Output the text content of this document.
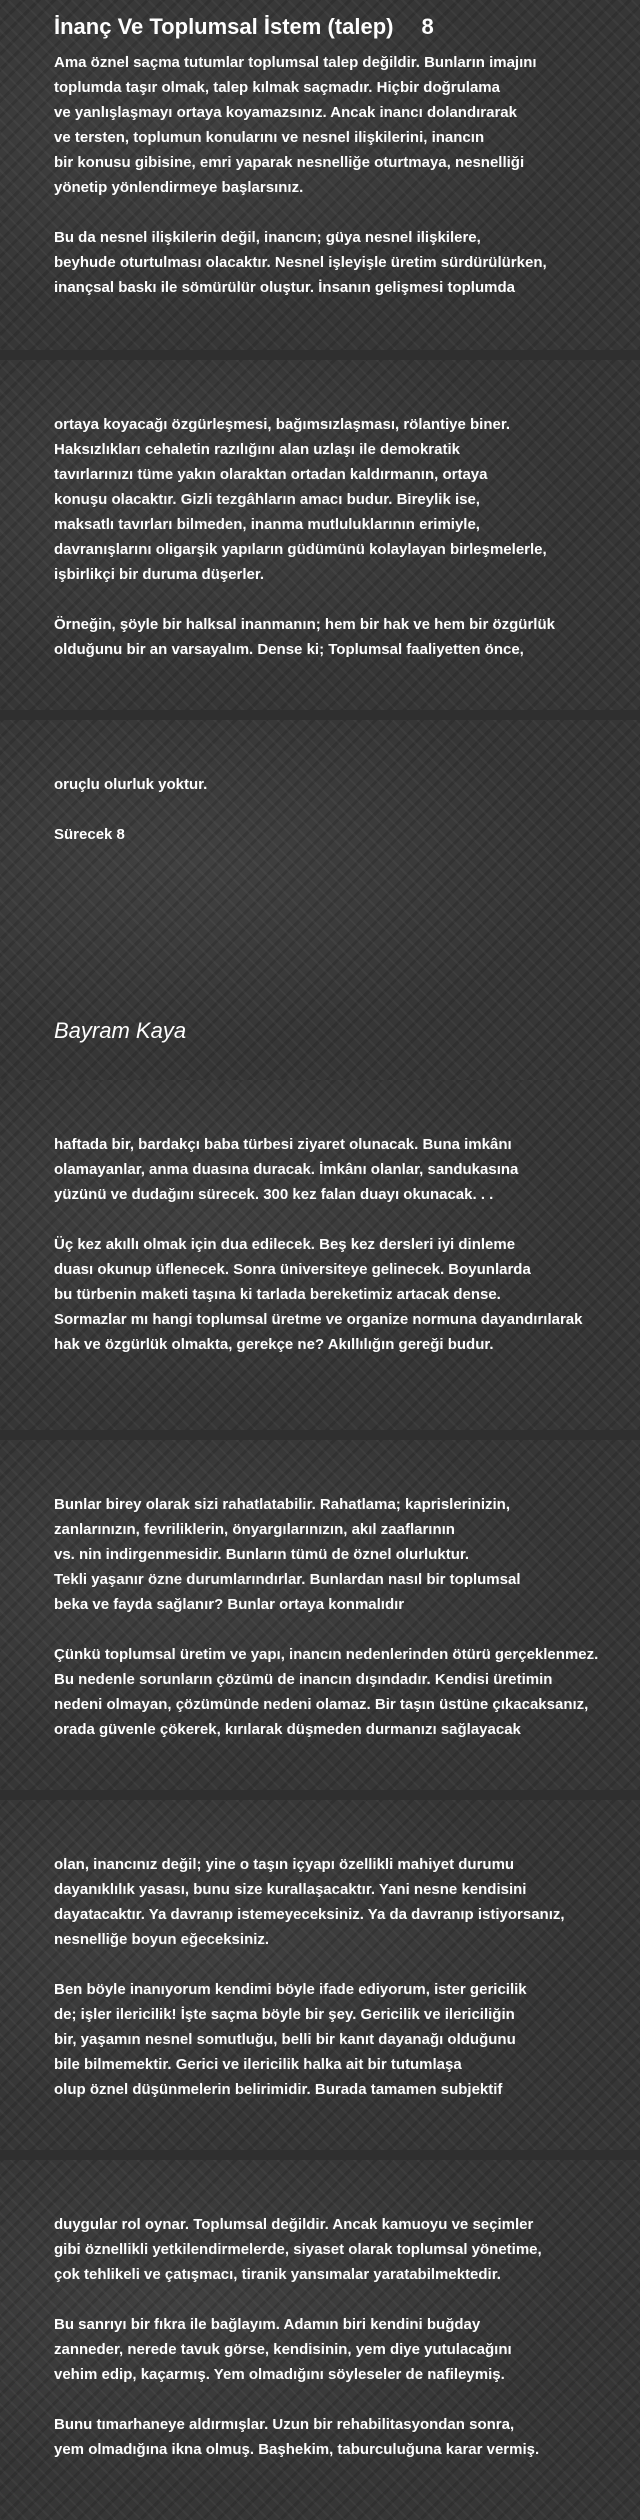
İnanç Ve Toplumsal İstem (talep) 8
Ama öznel saçma tutumlar toplumsal talep değildir. Bunların imajını
toplumda taşır olmak, talep kılmak saçmadır. Hiçbir doğrulama
ve yanlışlaşmayı ortaya koyamazsınız. Ancak inancı dolandırarak
ve tersten, toplumun konularını ve nesnel ilişkilerini, inancın
bir konusu gibisine, emri yaparak nesnelliğe oturtmaya, nesnelliği
yönetip yönlendirmeye başlarsınız.

Bu da nesnel ilişkilerin değil, inancın; güya nesnel ilişkilere,
beyhude oturtulması olacaktır. Nesnel işleyişle üretim sürdürülürken,
inançsal baskı ile sömürülür oluştur. İnsanın gelişmesi toplumda
ortaya koyacağı özgürleşmesi, bağımsızlaşması, rölantiye biner.
Haksızlıkları cehaletin razılığını alan uzlaşı ile demokratik
tavırlarınızı tüme yakın olaraktan ortadan kaldırmanın, ortaya
konuşu olacaktır. Gizli tezgâhların amacı budur. Bireylik ise,
maksatlı tavırları bilmeden, inanma mutluluklarının erimiyle,
davranışlarını oligarşik yapıların güdümünü kolaylayan birleşmelerle,
işbirlikçi bir duruma düşerler.

Örneğin, şöyle bir halksal inanmanın; hem bir hak ve hem bir özgürlük
olduğunu bir an varsayalım. Dense ki; Toplumsal faaliyetten önce,
oruçlu olurluk yoktur.

Sürecek 8
Bayram Kaya
haftada bir, bardakçı baba türbesi ziyaret olunacak. Buna imkânı
olamayanlar, anma duasına duracak. İmkânı olanlar, sandukasına
yüzünü ve dudağını sürecek. 300 kez falan duayı okunacak. . .

Üç kez akıllı olmak için dua edilecek. Beş kez dersleri iyi dinleme
duası okunup üflenecek. Sonra üniversiteye gelinecek. Boyunlarda
bu türbenin maketi taşına ki tarlada bereketimiz artacak dense.
Sormazlar mı hangi toplumsal üretme ve organize normuna dayandırılarak
hak ve özgürlük olmakta, gerekçe ne? Akıllılığın gereği budur.
Bunlar birey olarak sizi rahatlatabilir. Rahatlama; kaprislerinizin,
zanlarınızın, fevriliklerin, önyargılarınızın, akıl zaaflarının
vs. nin indirgenmesidir. Bunların tümü de öznel olurluktur.
Tekli yaşanır özne durumlarındırlar. Bunlardan nasıl bir toplumsal
beka ve fayda sağlanır? Bunlar ortaya konmalıdır

Çünkü toplumsal üretim ve yapı, inancın nedenlerinden ötürü gerçeklenmez.
Bu nedenle sorunların çözümü de inancın dışındadır. Kendisi üretimin
nedeni olmayan, çözümünde nedeni olamaz. Bir taşın üstüne çıkacaksanız,
orada güvenle çökerek, kırılarak düşmeden durmanızı sağlayacak
olan, inancınız değil; yine o taşın içyapı özellikli mahiyet durumu
dayanıklılık yasası, bunu size kurallaşacaktır. Yani nesne kendisini
dayatacaktır. Ya davranıp istemeyeceksiniz. Ya da davranıp istiyorsanız,
nesnelliğe boyun eğeceksiniz.

Ben böyle inanıyorum kendimi böyle ifade ediyorum, ister gericilik
de; işler ilericilik! İşte saçma böyle bir şey. Gericilik ve ilericiliğin
bir, yaşamın nesnel somutluğu, belli bir kanıt dayanağı olduğunu
bile bilmemektir. Gerici ve ilericilik halka ait bir tutumlaşa
olup öznel düşünmelerin belirimidir. Burada tamamen subjektif
duygular rol oynar. Toplumsal değildir. Ancak kamuoyu ve seçimler
gibi öznellikli yetkilendirmelerde, siyaset olarak toplumsal yönetime,
çok tehlikeli ve çatışmacı, tiranik yansımalar yaratabilmektedir.

Bu sanrıyı bir fıkra ile bağlayım. Adamın biri kendini buğday
zanneder, nerede tavuk görse, kendisinin, yem diye yutulacağını
vehim edip, kaçarmış. Yem olmadığını söyleseler de nafileymiş.

Bunu tımarhaneye aldırmışlar. Uzun bir rehabilitasyondan sonra,
yem olmadığına ikna olmuş. Başhekim, taburculuğuna karar vermiş.
